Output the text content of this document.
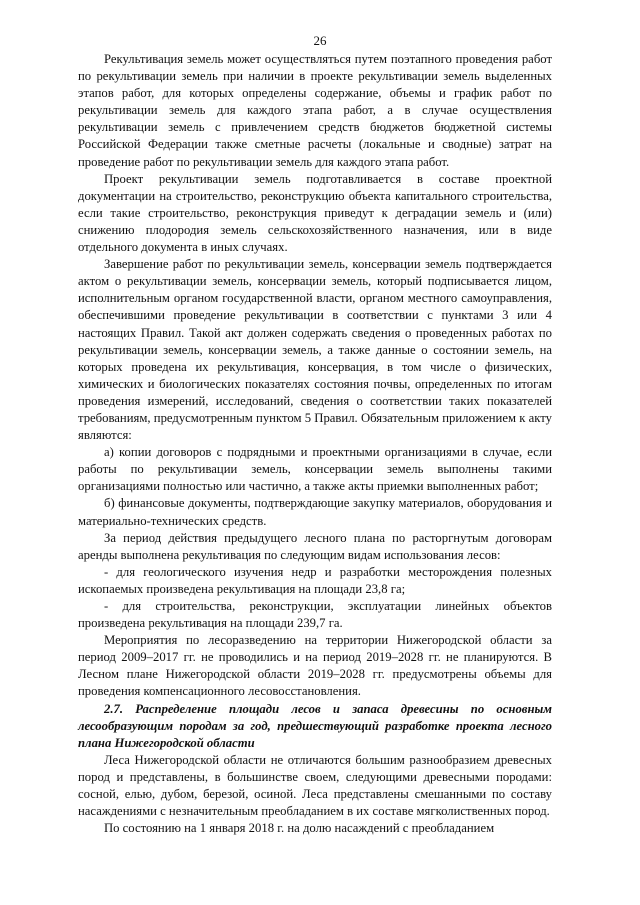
26

Рекультивация земель может осуществляться путем поэтапного проведения работ по рекультивации земель при наличии в проекте рекультивации земель выделенных этапов работ, для которых определены содержание, объемы и график работ по рекультивации земель для каждого этапа работ, а в случае осуществления рекультивации земель с привлечением средств бюджетов бюджетной системы Российской Федерации также сметные расчеты (локальные и сводные) затрат на проведение работ по рекультивации земель для каждого этапа работ.

Проект рекультивации земель подготавливается в составе проектной документации на строительство, реконструкцию объекта капитального строительства, если такие строительство, реконструкция приведут к деградации земель и (или) снижению плодородия земель сельскохозяйственного назначения, или в виде отдельного документа в иных случаях.

Завершение работ по рекультивации земель, консервации земель подтверждается актом о рекультивации земель, консервации земель, который подписывается лицом, исполнительным органом государственной власти, органом местного самоуправления, обеспечившими проведение рекультивации в соответствии с пунктами 3 или 4 настоящих Правил. Такой акт должен содержать сведения о проведенных работах по рекультивации земель, консервации земель, а также данные о состоянии земель, на которых проведена их рекультивация, консервация, в том числе о физических, химических и биологических показателях состояния почвы, определенных по итогам проведения измерений, исследований, сведения о соответствии таких показателей требованиям, предусмотренным пунктом 5 Правил. Обязательным приложением к акту являются:

а) копии договоров с подрядными и проектными организациями в случае, если работы по рекультивации земель, консервации земель выполнены такими организациями полностью или частично, а также акты приемки выполненных работ;

б) финансовые документы, подтверждающие закупку материалов, оборудования и материально-технических средств.

За период действия предыдущего лесного плана по расторгнутым договорам аренды выполнена рекультивация по следующим видам использования лесов:

- для геологического изучения недр и разработки месторождения полезных ископаемых произведена рекультивация на площади 23,8 га;

- для строительства, реконструкции, эксплуатации линейных объектов произведена рекультивация на площади 239,7 га.

Мероприятия по лесоразведению на территории Нижегородской области за период 2009–2017 гг. не проводились и на период 2019–2028 гг. не планируются. В Лесном плане Нижегородской области 2019–2028 гг. предусмотрены объемы для проведения компенсационного лесовосстановления.

2.7. Распределение площади лесов и запаса древесины по основным лесообразующим породам за год, предшествующий разработке проекта лесного плана Нижегородской области

Леса Нижегородской области не отличаются большим разнообразием древесных пород и представлены, в большинстве своем, следующими древесными породами: сосной, елью, дубом, березой, осиной. Леса представлены смешанными по составу насаждениями с незначительным преобладанием в их составе мягколиственных пород.

По состоянию на 1 января 2018 г. на долю насаждений с преобладанием
